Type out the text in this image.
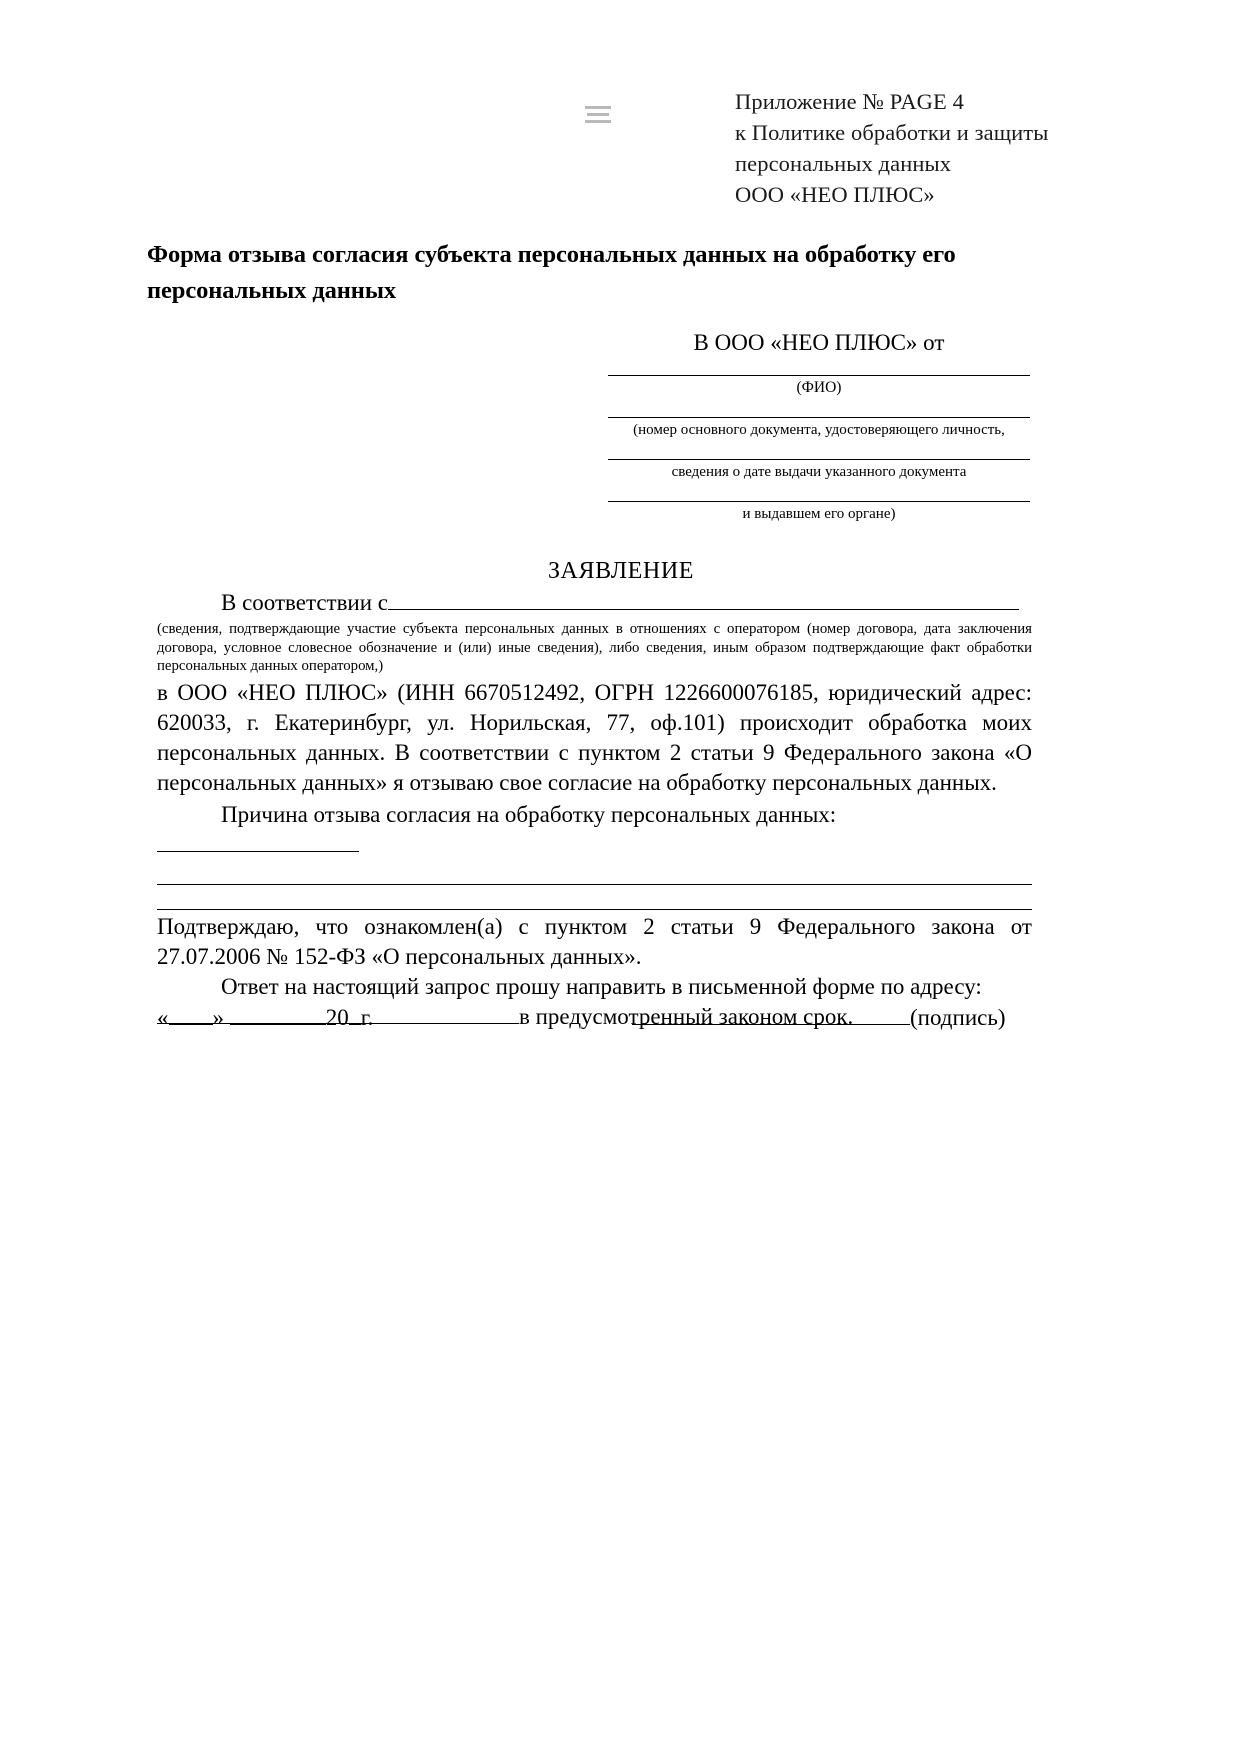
Приложение № PAGE 4
к Политике обработки и защиты
персональных данных
ООО «НЕО ПЛЮС»
Форма отзыва согласия субъекта персональных данных на обработку его персональных данных
В ООО «НЕО ПЛЮС» от
(ФИО)
(номер основного документа, удостоверяющего личность,
сведения о дате выдачи указанного документа
и выдавшем его органе)
ЗАЯВЛЕНИЕ
В соответствии с
(сведения, подтверждающие участие субъекта персональных данных в отношениях с оператором (номер договора, дата заключения договора, условное словесное обозначение и (или) иные сведения), либо сведения, иным образом подтверждающие факт обработки персональных данных оператором,)
в ООО «НЕО ПЛЮС» (ИНН 6670512492, ОГРН 1226600076185, юридический адрес: 620033, г. Екатеринбург, ул. Норильская, 77, оф.101) происходит обработка моих персональных данных. В соответствии с пунктом 2 статьи 9 Федерального закона «О персональных данных» я отзываю свое согласие на обработку персональных данных.
Причина отзыва согласия на обработку персональных данных:
Подтверждаю, что ознакомлен(а) с пунктом 2 статьи 9 Федерального закона от 27.07.2006 № 152-ФЗ «О персональных данных».
Ответ на настоящий запрос прошу направить в письменной форме по адресу:
в предусмотренный законом срок.
« »	20 г.	(подпись)
